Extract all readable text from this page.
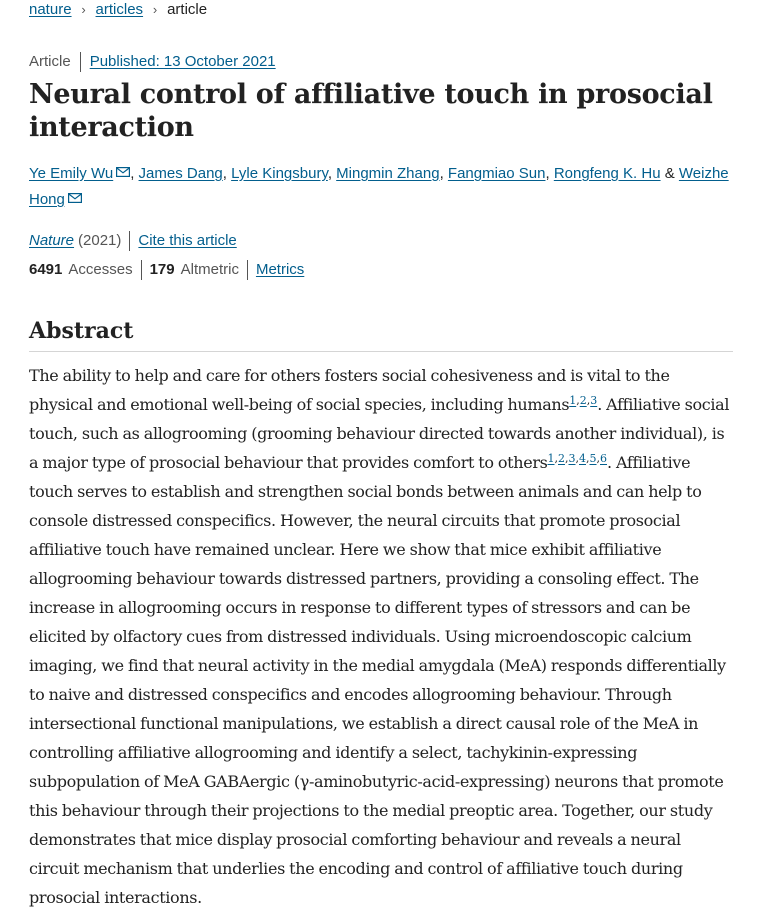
nature › articles › article
Article Published: 13 October 2021
Neural control of affiliative touch in prosocial interaction
Ye Emily Wu , James Dang, Lyle Kingsbury, Mingmin Zhang, Fangmiao Sun, Rongfeng K. Hu & Weizhe Hong
Nature (2021) Cite this article
6491 Accesses 179 Altmetric Metrics
Abstract

The ability to help and care for others fosters social cohesiveness and is vital to the physical and emotional well-being of social species, including humans$^{1,2,3}$. Affiliative social touch, such as allogrooming (grooming behaviour directed towards another individual), is a major type of prosocial behaviour that provides comfort to others$^{1,2,3,4,5,6}$. Affiliative touch serves to establish and strengthen social bonds between animals and can help to console distressed conspecifics. However, the neural circuits that promote prosocial affiliative touch have remained unclear. Here we show that mice exhibit affiliative allogrooming behaviour towards distressed partners, providing a consoling effect. The increase in allogrooming occurs in response to different types of stressors and can be elicited by olfactory cues from distressed individuals. Using microendoscopic calcium imaging, we find that neural activity in the medial amygdala (MeA) responds differentially to naive and distressed conspecifics and encodes allogrooming behaviour. Through intersectional functional manipulations, we establish a direct causal role of the MeA in controlling affiliative allogrooming and identify a select, tachykinin-expressing subpopulation of MeA GABAergic (γ-aminobutyric-acid-expressing) neurons that promote this behaviour through their projections to the medial preoptic area. Together, our study demonstrates that mice display prosocial comforting behaviour and reveals a neural circuit mechanism that underlies the encoding and control of affiliative touch during prosocial interactions.
